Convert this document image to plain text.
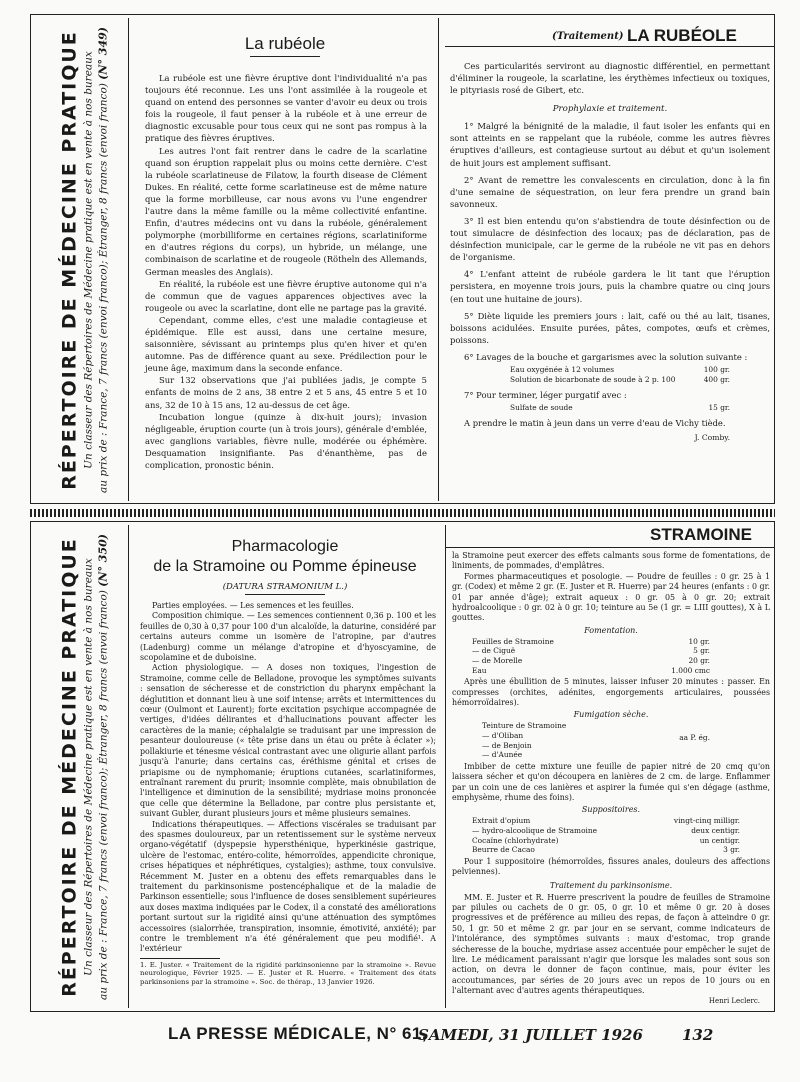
RÉPERTOIRE DE MÉDECINE PRATIQUE Un classeur des Répertoires de Médecine pratique est en vente à nos bureaux au prix de : France, 7 francs (envoi franco); Étranger, 8 francs (envoi franco) (N° 349)	La rubéole

La rubéole est une fièvre éruptive dont l'individualité n'a pas toujours été reconnue. Les uns l'ont assimilée à la rougeole et quand on entend des personnes se vanter d'avoir eu deux ou trois fois la rougeole, il faut penser à la rubéole et à une erreur de diagnostic excusable pour tous ceux qui ne sont pas rompus à la pratique des fièvres éruptives.

Les autres l'ont fait rentrer dans le cadre de la scarlatine quand son éruption rappelait plus ou moins cette dernière. C'est la rubéole scarlatineuse de Filatow, la fourth disease de Clément Dukes. En réalité, cette forme scarlatineuse est de même nature que la forme morbilleuse, car nous avons vu l'une engendrer l'autre dans la même famille ou la même collectivité enfantine. Enfin, d'autres médecins ont vu dans la rubéole, généralement polymorphe (morbilliforme en certaines régions, scarlatiniforme en d'autres régions du corps), un hybride, un mélange, une combinaison de scarlatine et de rougeole (Rötheln des Allemands, German measles des Anglais).

En réalité, la rubéole est une fièvre éruptive autonome qui n'a de commun que de vagues apparences objectives avec la rougeole ou avec la scarlatine, dont elle ne partage pas la gravité.

Cependant, comme elles, c'est une maladie contagieuse et épidémique. Elle est aussi, dans une certaine mesure, saisonnière, sévissant au printemps plus qu'en hiver et qu'en automne. Pas de différence quant au sexe. Prédilection pour le jeune âge, maximum dans la seconde enfance.

Sur 132 observations que j'ai publiées jadis, je compte 5 enfants de moins de 2 ans, 38 entre 2 et 5 ans, 45 entre 5 et 10 ans, 32 de 10 à 15 ans, 12 au-dessus de cet âge.

Incubation longue (quinze à dix-huit jours); invasion négligeable, éruption courte (un à trois jours), générale d'emblée, avec ganglions variables, fièvre nulle, modérée ou éphémère. Desquamation insignifiante. Pas d'énanthème, pas de complication, pronostic bénin.

(Traitement) LA RUBÉOLE

Ces particularités serviront au diagnostic différentiel, en permettant d'éliminer la rougeole, la scarlatine, les érythèmes infectieux ou toxiques, le pityriasis rosé de Gibert, etc.

Prophylaxie et traitement.

1° Malgré la bénignité de la maladie, il faut isoler les enfants qui en sont atteints en se rappelant que la rubéole, comme les autres fièvres éruptives d'ailleurs, est contagieuse surtout au début et qu'un isolement de huit jours est amplement suffisant.

2° Avant de remettre les convalescents en circulation, donc à la fin d'une semaine de séquestration, on leur fera prendre un grand bain savonneux.

3° Il est bien entendu qu'on s'abstiendra de toute désinfection ou de tout simulacre de désinfection des locaux; pas de déclaration, pas de désinfection municipale, car le germe de la rubéole ne vit pas en dehors de l'organisme.

4° L'enfant atteint de rubéole gardera le lit tant que l'éruption persistera, en moyenne trois jours, puis la chambre quatre ou cinq jours (en tout une huitaine de jours).

5° Diète liquide les premiers jours : lait, café ou thé au lait, tisanes, boissons acidulées. Ensuite purées, pâtes, compotes, œufs et crèmes, poissons.

6° Lavages de la bouche et gargarismes avec la solution suivante :

Eau oxygénée à 12 volumes	100 gr.
Solution de bicarbonate de soude à 2 p. 100	400 gr.

7° Pour terminer, léger purgatif avec :

Sulfate de soude	15 gr.

A prendre le matin à jeun dans un verre d'eau de Vichy tiède.

J. Comby.
RÉPERTOIRE DE MÉDECINE PRATIQUE Un classeur des Répertoires de Médecine pratique est en vente à nos bureaux au prix de : France, 7 francs (envoi franco); Étranger, 8 francs (envoi franco) (N° 350)	STRAMOINE
Pharmacologie
de la Stramoine ou Pomme épineuse
(DATURA STRAMONIUM L.)

Parties employées. — Les semences et les feuilles.

Composition chimique. — Les semences contiennent 0,36 p. 100 et les feuilles de 0,30 à 0,37 pour 100 d'un alcaloïde, la daturine, considéré par certains auteurs comme un isomère de l'atropine, par d'autres (Ladenburg) comme un mélange d'atropine et d'hyoscyamine, de scopolamine et de duboisine.

Action physiologique. — A doses non toxiques, l'ingestion de Stramoine, comme celle de Belladone, provoque les symptômes suivants : sensation de sécheresse et de constriction du pharynx empêchant la déglutition et donnant lieu à une soif intense; arrêts et intermittences du cœur (Oulmont et Laurent); forte excitation psychique accompagnée de vertiges, d'idées délirantes et d'hallucinations pouvant affecter les caractères de la manie; céphalalgie se traduisant par une impression de pesanteur douloureuse (« tête prise dans un étau ou prête à éclater »); pollakiurie et ténesme vésical contrastant avec une oligurie allant parfois jusqu'à l'anurie; dans certains cas, éréthisme génital et crises de priapisme ou de nymphomanie; éruptions cutanées, scarlatiniformes, entraînant rarement du prurit; insomnie complète, mais obnubilation de l'intelligence et diminution de la sensibilité; mydriase moins prononcée que celle que détermine la Belladone, par contre plus persistante et, suivant Gubler, durant plusieurs jours et même plusieurs semaines.

Indications thérapeutiques. — Affections viscérales se traduisant par des spasmes douloureux, par un retentissement sur le système nerveux organo-végétatif (dyspepsie hypersthénique, hyperkinésie gastrique, ulcère de l'estomac, entéro-colite, hémorroïdes, appendicite chronique, crises hépatiques et néphrétiques, cystalgies); asthme, toux convulsive. Récemment M. Juster en a obtenu des effets remarquables dans le traitement du parkinsonisme postencéphalique et de la maladie de Parkinson essentielle; sous l'influence de doses sensiblement supérieures aux doses maxima indiquées par le Codex, il a constaté des améliorations portant surtout sur la rigidité ainsi qu'une atténuation des symptômes accessoires (sialorrhée, transpiration, insomnie, émotivité, anxiété); par contre le tremblement n'a été généralement que peu modifié¹. A l'extérieur

1. E. Juster. « Traitement de la rigidité parkinsonienne par la stramoine ». Revue neurologique, Février 1925. — E. Juster et R. Huerre. « Traitement des états parkinsoniens par la stramoine ». Soc. de thérap., 13 Janvier 1926.

la Stramoine peut exercer des effets calmants sous forme de fomentations, de liniments, de pommades, d'emplâtres.

Formes pharmaceutiques et posologie. — Poudre de feuilles : 0 gr. 25 à 1 gr. (Codex) et même 2 gr. (E. Juster et R. Huerre) par 24 heures (enfants : 0 gr. 01 par année d'âge); extrait aqueux : 0 gr. 05 à 0 gr. 20; extrait hydroalcoolique : 0 gr. 02 à 0 gr. 10; teinture au 5e (1 gr. = LIII gouttes), X à L gouttes.

Fomentation.
Feuilles de Stramoine	10 gr.
— de Ciguë	5 gr.
— de Morelle	20 gr.
Eau	1.000 cmc

Après une ébullition de 5 minutes, laisser infuser 20 minutes : passer. En compresses (orchites, adénites, engorgements articulaires, poussées hémorroïdaires).

Fumigation sèche.
Teinture de Stramoine
— d'Oliban
— de Benjoin
— d'Aunée
aa P. ég.

Imbiber de cette mixture une feuille de papier nitré de 20 cmq qu'on laissera sécher et qu'on découpera en lanières de 2 cm. de large. Enflammer par un coin une de ces lanières et aspirer la fumée qui s'en dégage (asthme, emphysème, rhume des foins).

Suppositoires.
Extrait d'opium	vingt-cinq milligr.
— hydro-alcoolique de Stramoine	deux centigr.
Cocaïne (chlorhydrate)	un centigr.
Beurre de Cacao	3 gr.

Pour 1 suppositoire (hémorroïdes, fissures anales, douleurs des affections pelviennes).

Traitement du parkinsonisme.

MM. E. Juster et R. Huerre prescrivent la poudre de feuilles de Stramoine par pilules ou cachets de 0 gr. 05, 0 gr. 10 et même 0 gr. 20 à doses progressives et de préférence au milieu des repas, de façon à atteindre 0 gr. 50, 1 gr. 50 et même 2 gr. par jour en se servant, comme indicateurs de l'intolérance, des symptômes suivants : maux d'estomac, trop grande sécheresse de la bouche, mydriase assez accentuée pour empêcher le sujet de lire. Le médicament paraissant n'agir que lorsque les malades sont sous son action, on devra le donner de façon continue, mais, pour éviter les accoutumances, par séries de 20 jours avec un repos de 10 jours ou en l'alternant avec d'autres agents thérapeutiques.

Henri Leclerc.
LA PRESSE MÉDICALE, N° 61,
SAMEDI, 31 JUILLET 1926	132
